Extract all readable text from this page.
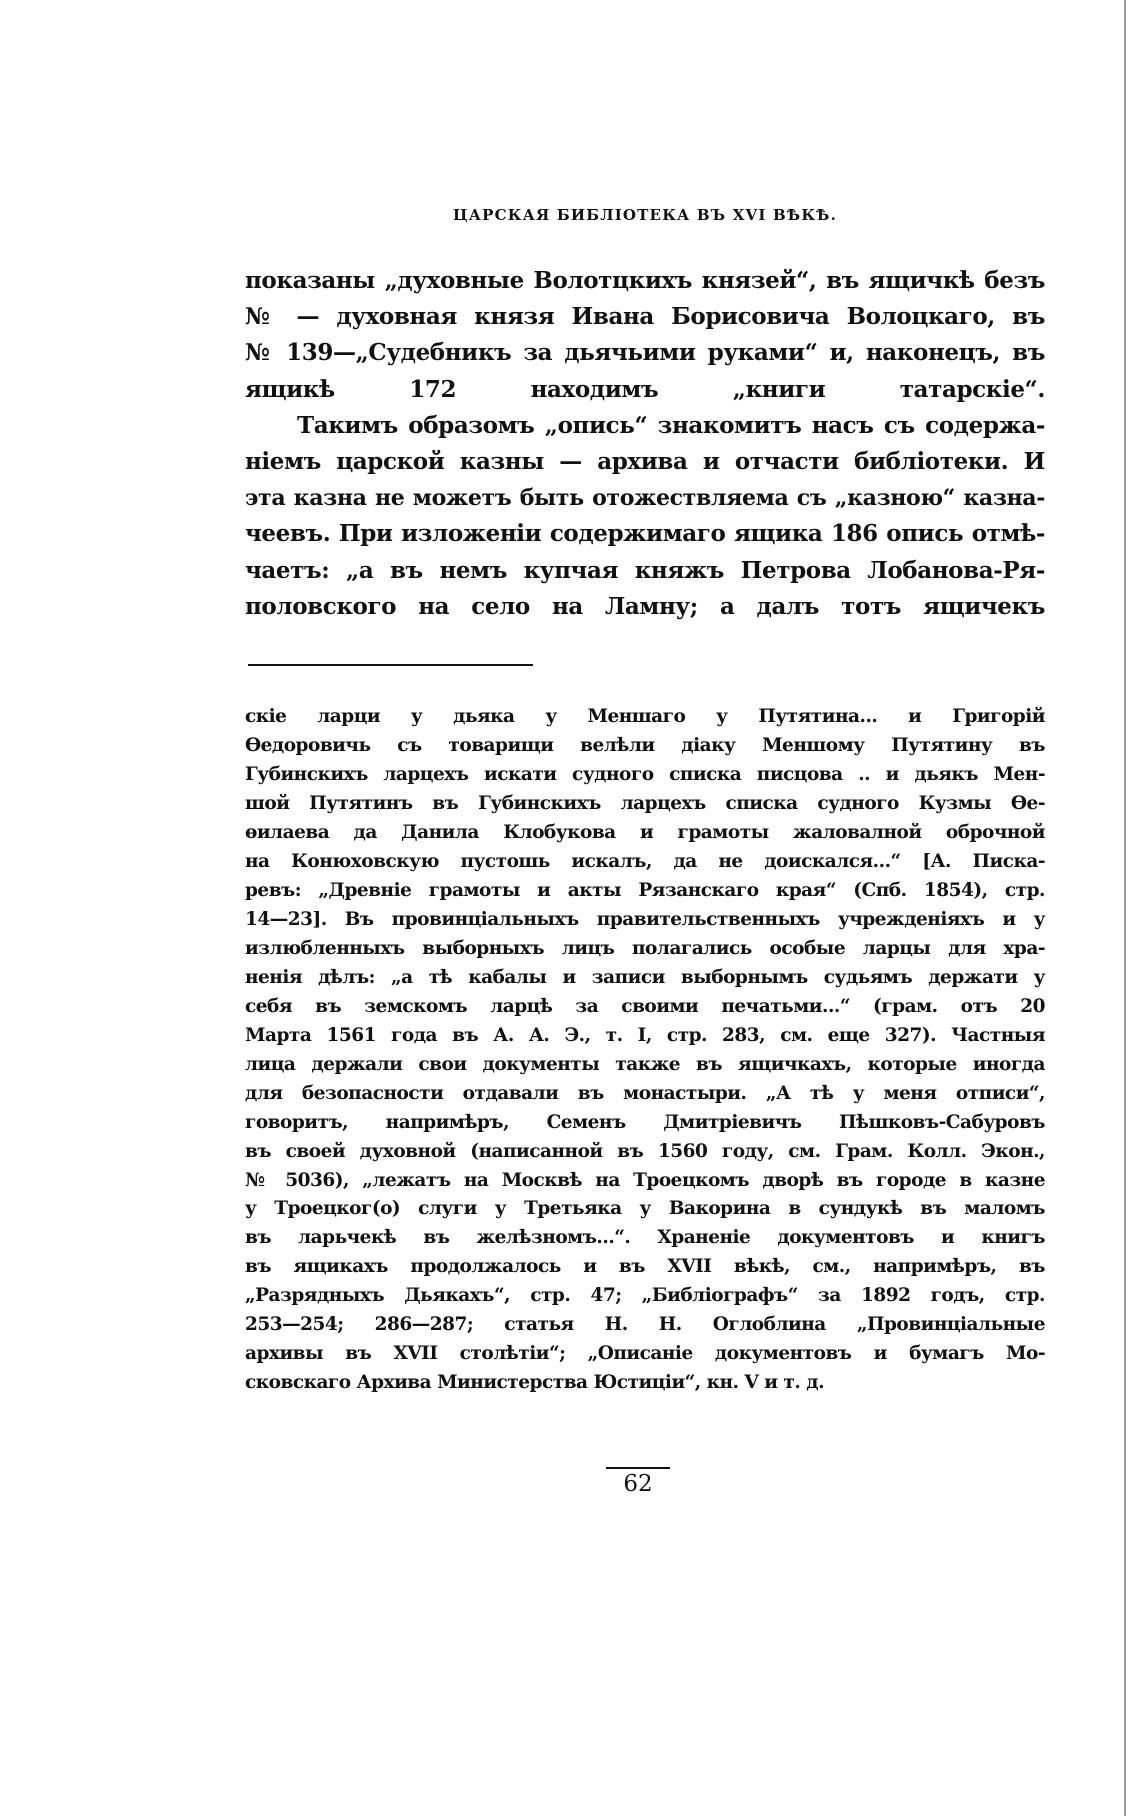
ЦАРСКАЯ БИБЛІОТЕКА ВЪ XVI ВѢКѢ.
показаны „духовные Волотцкихъ князей“, въ ящичкѣ безъ
№ — духовная князя Ивана Борисовича Волоцкаго, въ
№ 139—„Судебникъ за дьячьими руками“ и, наконецъ, въ
ящикѣ 172 находимъ „книги татарскіе“.
Такимъ образомъ „опись“ знакомитъ насъ съ содержа-
ніемъ царской казны — архива и отчасти библіотеки. И
эта казна не можетъ быть отожествляема съ „казною“ казна-
чеевъ. При изложеніи содержимаго ящика 186 опись отмѣ-
чаетъ: „а въ немъ купчая княжъ Петрова Лобанова-Ря-
половского на село на Ламну; а далъ тотъ ящичекъ
скіе ларци у дьяка у Меншаго у Путятина... и Григорій
Өедоровичь съ товарищи велѣли діаку Меншому Путятину въ
Губинскихъ ларцехъ искати судного списка писцова .. и дьякъ Мен-
шой Путятинъ въ Губинскихъ ларцехъ списка судного Кузмы Өе-
өилаева да Данила Клобукова и грамоты жаловалной оброчной
на Конюховскую пустошь искалъ, да не доискался...“ [А. Писка-
ревъ: „Древніе грамоты и акты Рязанскаго края“ (Спб. 1854), стр.
14—23]. Въ провинціальныхъ правительственныхъ учрежденіяхъ и у
излюбленныхъ выборныхъ лицъ полагались особые ларцы для хра-
ненія дѣлъ: „а тѣ кабалы и записи выборнымъ судьямъ держати у
себя въ земскомъ ларцѣ за своими печатьми...“ (грам. отъ 20
Марта 1561 года въ А. А. Э., т. I, стр. 283, см. еще 327). Частныя
лица держали свои документы также въ ящичкахъ, которые иногда
для безопасности отдавали въ монастыри. „А тѣ у меня отписи“,
говоритъ, напримѣръ, Семенъ Дмитріевичъ Пѣшковъ-Сабуровъ
въ своей духовной (написанной въ 1560 году, см. Грам. Колл. Экон.,
№ 5036), „лежатъ на Москвѣ на Троецкомъ дворѣ въ городе в казне
у Троецког(о) слуги у Третьяка у Вакорина в сундукѣ въ маломъ
въ ларьчекѣ въ желѣзномъ...“. Храненіе документовъ и книгъ
въ ящикахъ продолжалось и въ XVII вѣкѣ, см., напримѣръ, въ
„Разрядныхъ Дьякахъ“, стр. 47; „Библіографъ“ за 1892 годъ, стр.
253—254; 286—287; статья Н. Н. Оглоблина „Провинціальные
архивы въ XVII столѣтіи“; „Описаніе документовъ и бумагъ Мо-
сковскаго Архива Министерства Юстиціи“, кн. V и т. д.
62
